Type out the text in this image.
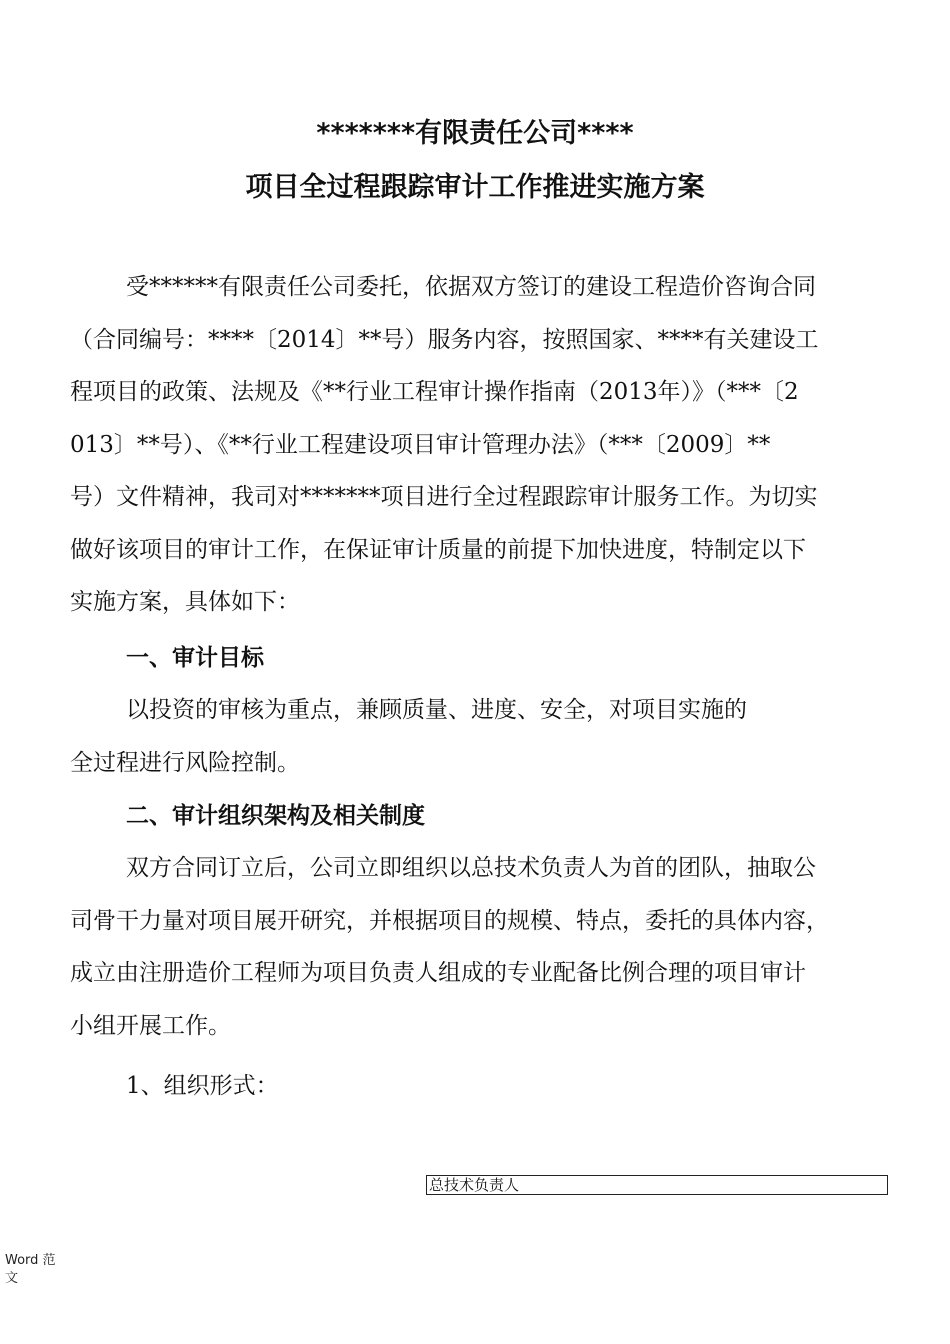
*******有限责任公司****
项目全过程跟踪审计工作推进实施方案
受******有限责任公司委托，依据双方签订的建设工程造价咨询合同
（合同编号：****〔2014〕**号）服务内容，按照国家、****有关建设工
程项目的政策、法规及《**行业工程审计操作指南（2013年）》（***〔2
013〕**号）、《**行业工程建设项目审计管理办法》（***〔2009〕**
号）文件精神，我司对*******项目进行全过程跟踪审计服务工作。为切实
做好该项目的审计工作，在保证审计质量的前提下加快进度，特制定以下
实施方案，具体如下：
一、审计目标
以投资的审核为重点，兼顾质量、进度、安全，对项目实施的
全过程进行风险控制。
二、审计组织架构及相关制度
双方合同订立后，公司立即组织以总技术负责人为首的团队，抽取公
司骨干力量对项目展开研究，并根据项目的规模、特点，委托的具体内容，
成立由注册造价工程师为项目负责人组成的专业配备比例合理的项目审计
小组开展工作。
1、组织形式：
总技术负责人
Word 范文
